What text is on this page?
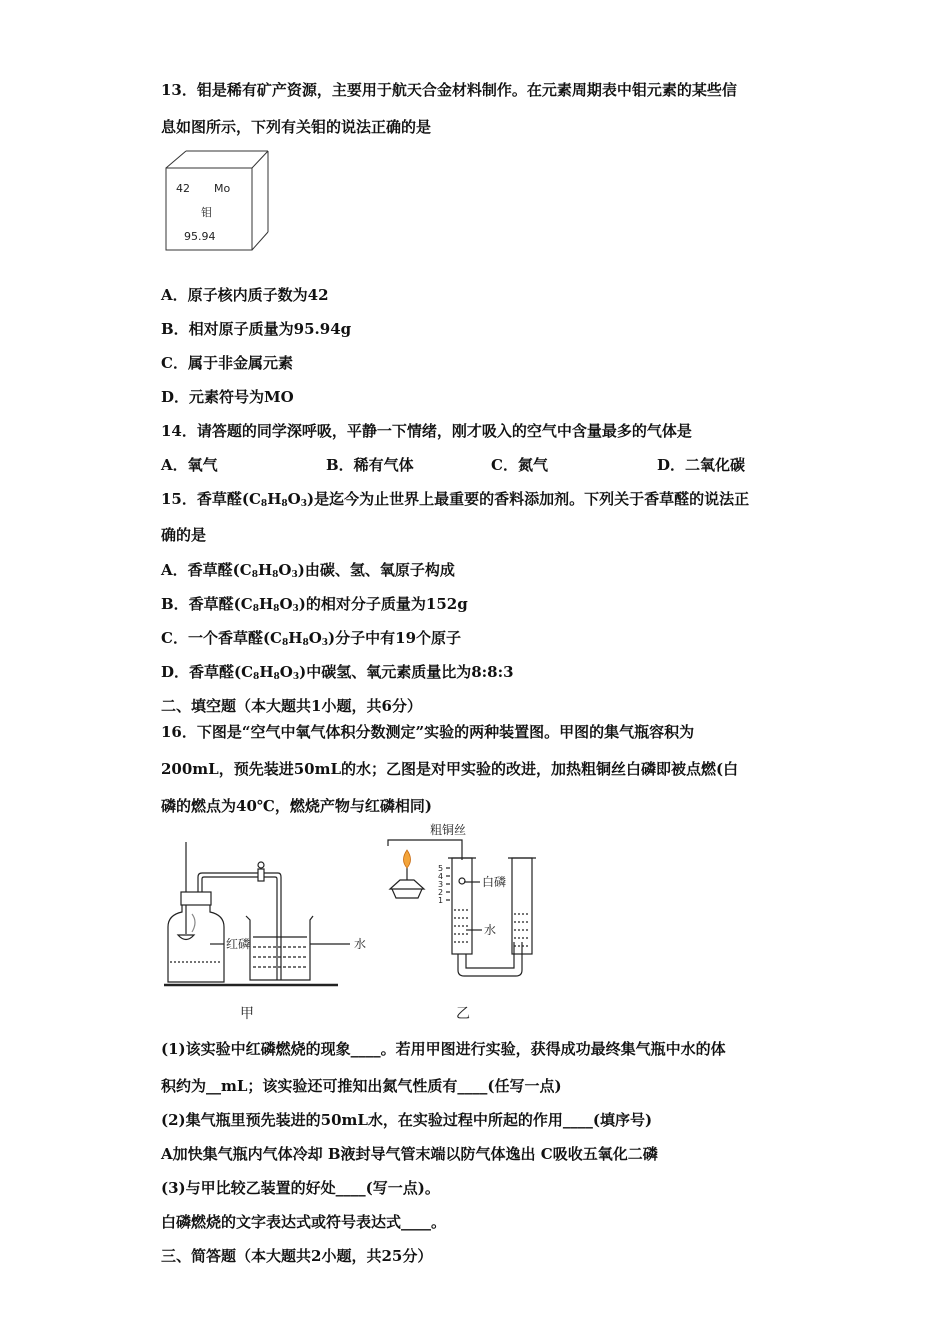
13．钼是稀有矿产资源，主要用于航天合金材料制作。在元素周期表中钼元素的某些信
息如图所示，下列有关钼的说法正确的是
42 Mo
钼
95.94
A．原子核内质子数为42
B．相对原子质量为95.94g
C．属于非金属元素
D．元素符号为MO
14．请答题的同学深呼吸，平静一下情绪，刚才吸入的空气中含量最多的气体是
A．氧气	B．稀有气体	C．氮气	D．二氧化碳
15．香草醛$(C_8H_8O_3)$是迄今为止世界上最重要的香料添加剂。下列关于香草醛的说法正
确的是
A．香草醛$(C_8H_8O_3)$由碳、氢、氧原子构成
B．香草醛$(C_8H_8O_3)$的相对分子质量为152g
C．一个香草醛$(C_8H_8O_3)$分子中有19个原子
D．香草醛$(C_8H_8O_3)$中碳氢、氧元素质量比为8:8:3
二、填空题（本大题共1小题，共6分）
16．下图是“空气中氧气体积分数测定”实验的两种装置图。甲图的集气瓶容积为
200mL，预先装进50mL的水；乙图是对甲实验的改进，加热粗铜丝白磷即被点燃(白
磷的燃点为40℃，燃烧产物与红磷相同)
红磷	水
甲
粗铜丝
白磷
水
乙
5
4
3
2
1
(1)该实验中红磷燃烧的现象____。若用甲图进行实验，获得成功最终集气瓶中水的体
积约为__mL；该实验还可推知出氮气性质有____(任写一点)
(2)集气瓶里预先装进的50mL水，在实验过程中所起的作用____(填序号)
A加快集气瓶内气体冷却 B液封导气管末端以防气体逸出 C吸收五氧化二磷
(3)与甲比较乙装置的好处____(写一点)。
白磷燃烧的文字表达式或符号表达式____。
三、简答题（本大题共2小题，共25分）
